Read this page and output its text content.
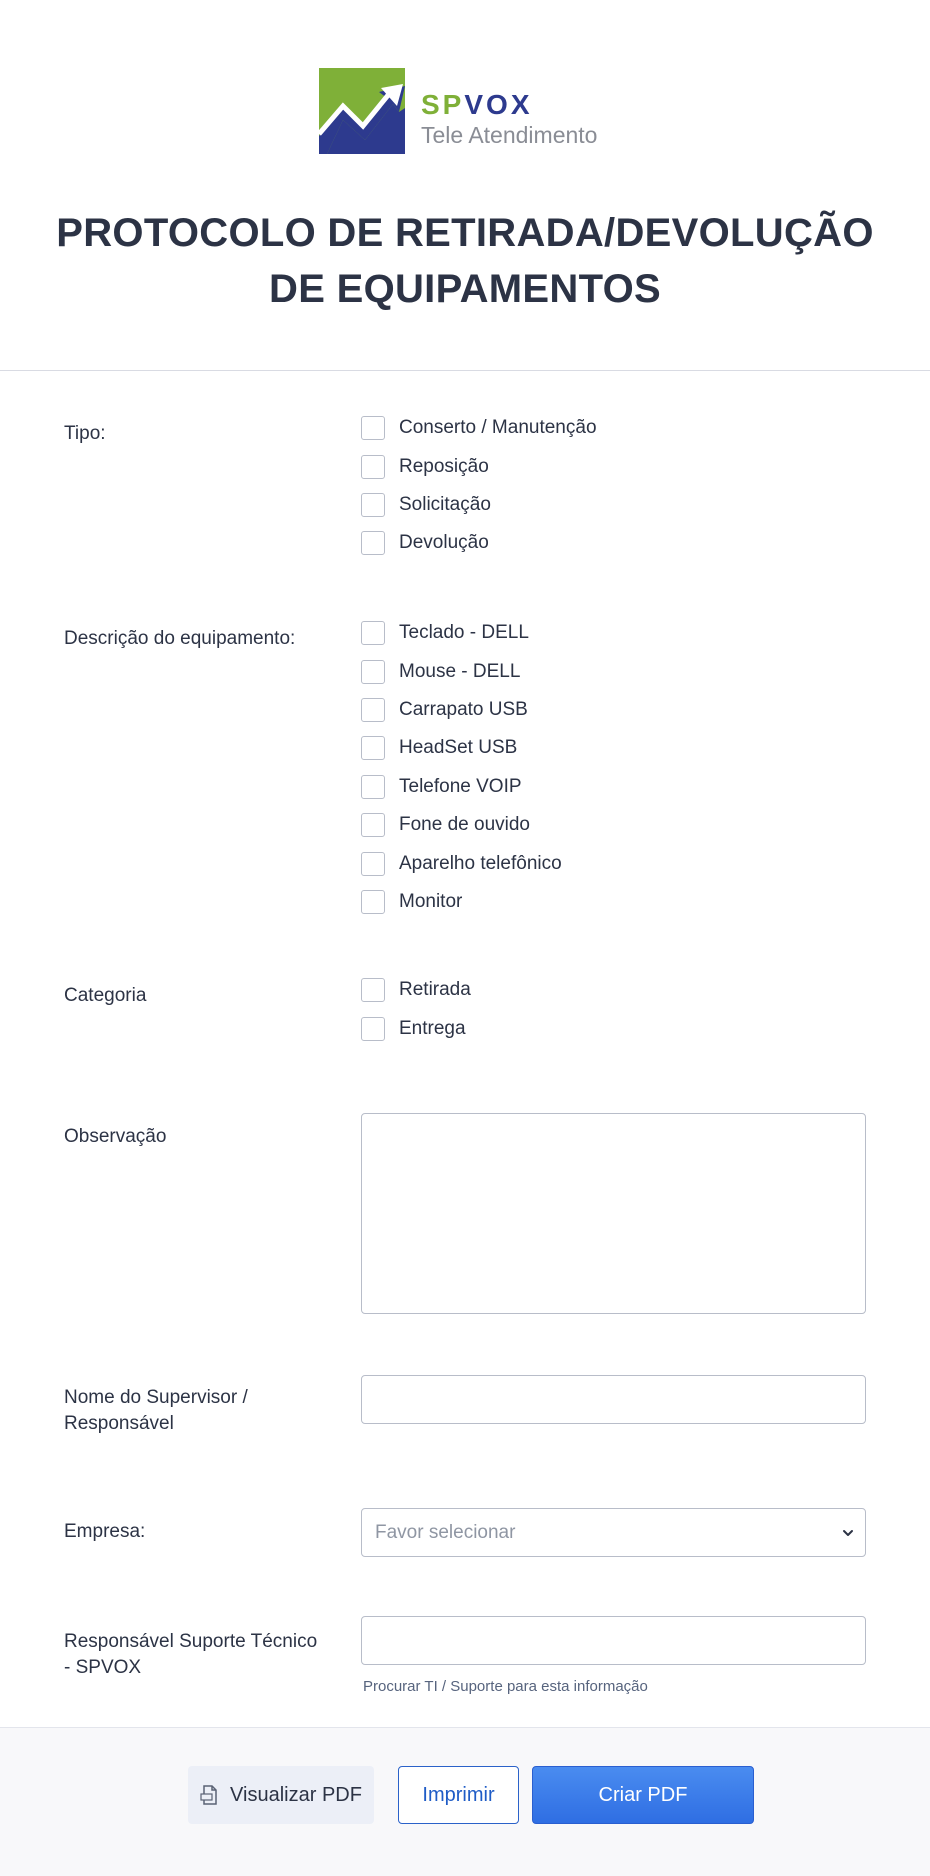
SPVOX
Tele Atendimento
PROTOCOLO DE RETIRADA/DEVOLUÇÃO
DE EQUIPAMENTOS
Tipo:	Conserto / Manutenção
Reposição
Solicitação
Devolução
Descrição do equipamento:	Teclado - DELL
Mouse - DELL
Carrapato USB
HeadSet USB
Telefone VOIP
Fone de ouvido
Aparelho telefônico
Monitor
Categoria	Retirada
Entrega
Observação
Nome do Supervisor /
Responsável
Empresa:	Favor selecionar
Responsável Suporte Técnico
- SPVOX
Procurar TI / Suporte para esta informação
Visualizar PDF	Imprimir	Criar PDF
